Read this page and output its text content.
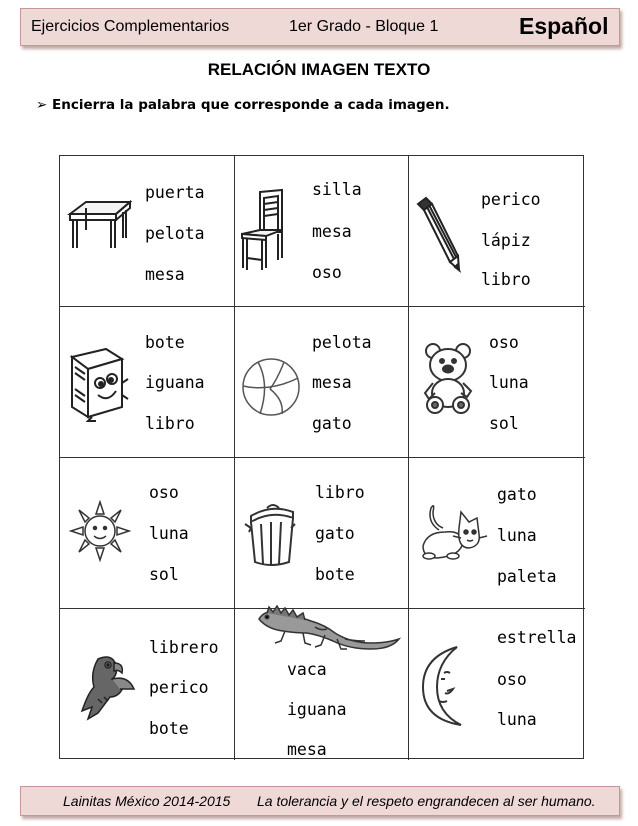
Ejercicios Complementarios	1er Grado - Bloque 1	Español
RELACIÓN IMAGEN TEXTO
➢ Encierra la palabra que corresponde a cada imagen.
puerta
pelota
mesa
silla
mesa
oso
perico
lápiz
libro
bote
iguana
libro
pelota
mesa
gato
oso
luna
sol
oso
luna
sol
libro
gato
bote
gato
luna
paleta
librero
perico
bote
vaca
iguana
mesa
estrella
oso
luna
Lainitas México 2014-2015 La tolerancia y el respeto engrandecen al ser humano.
